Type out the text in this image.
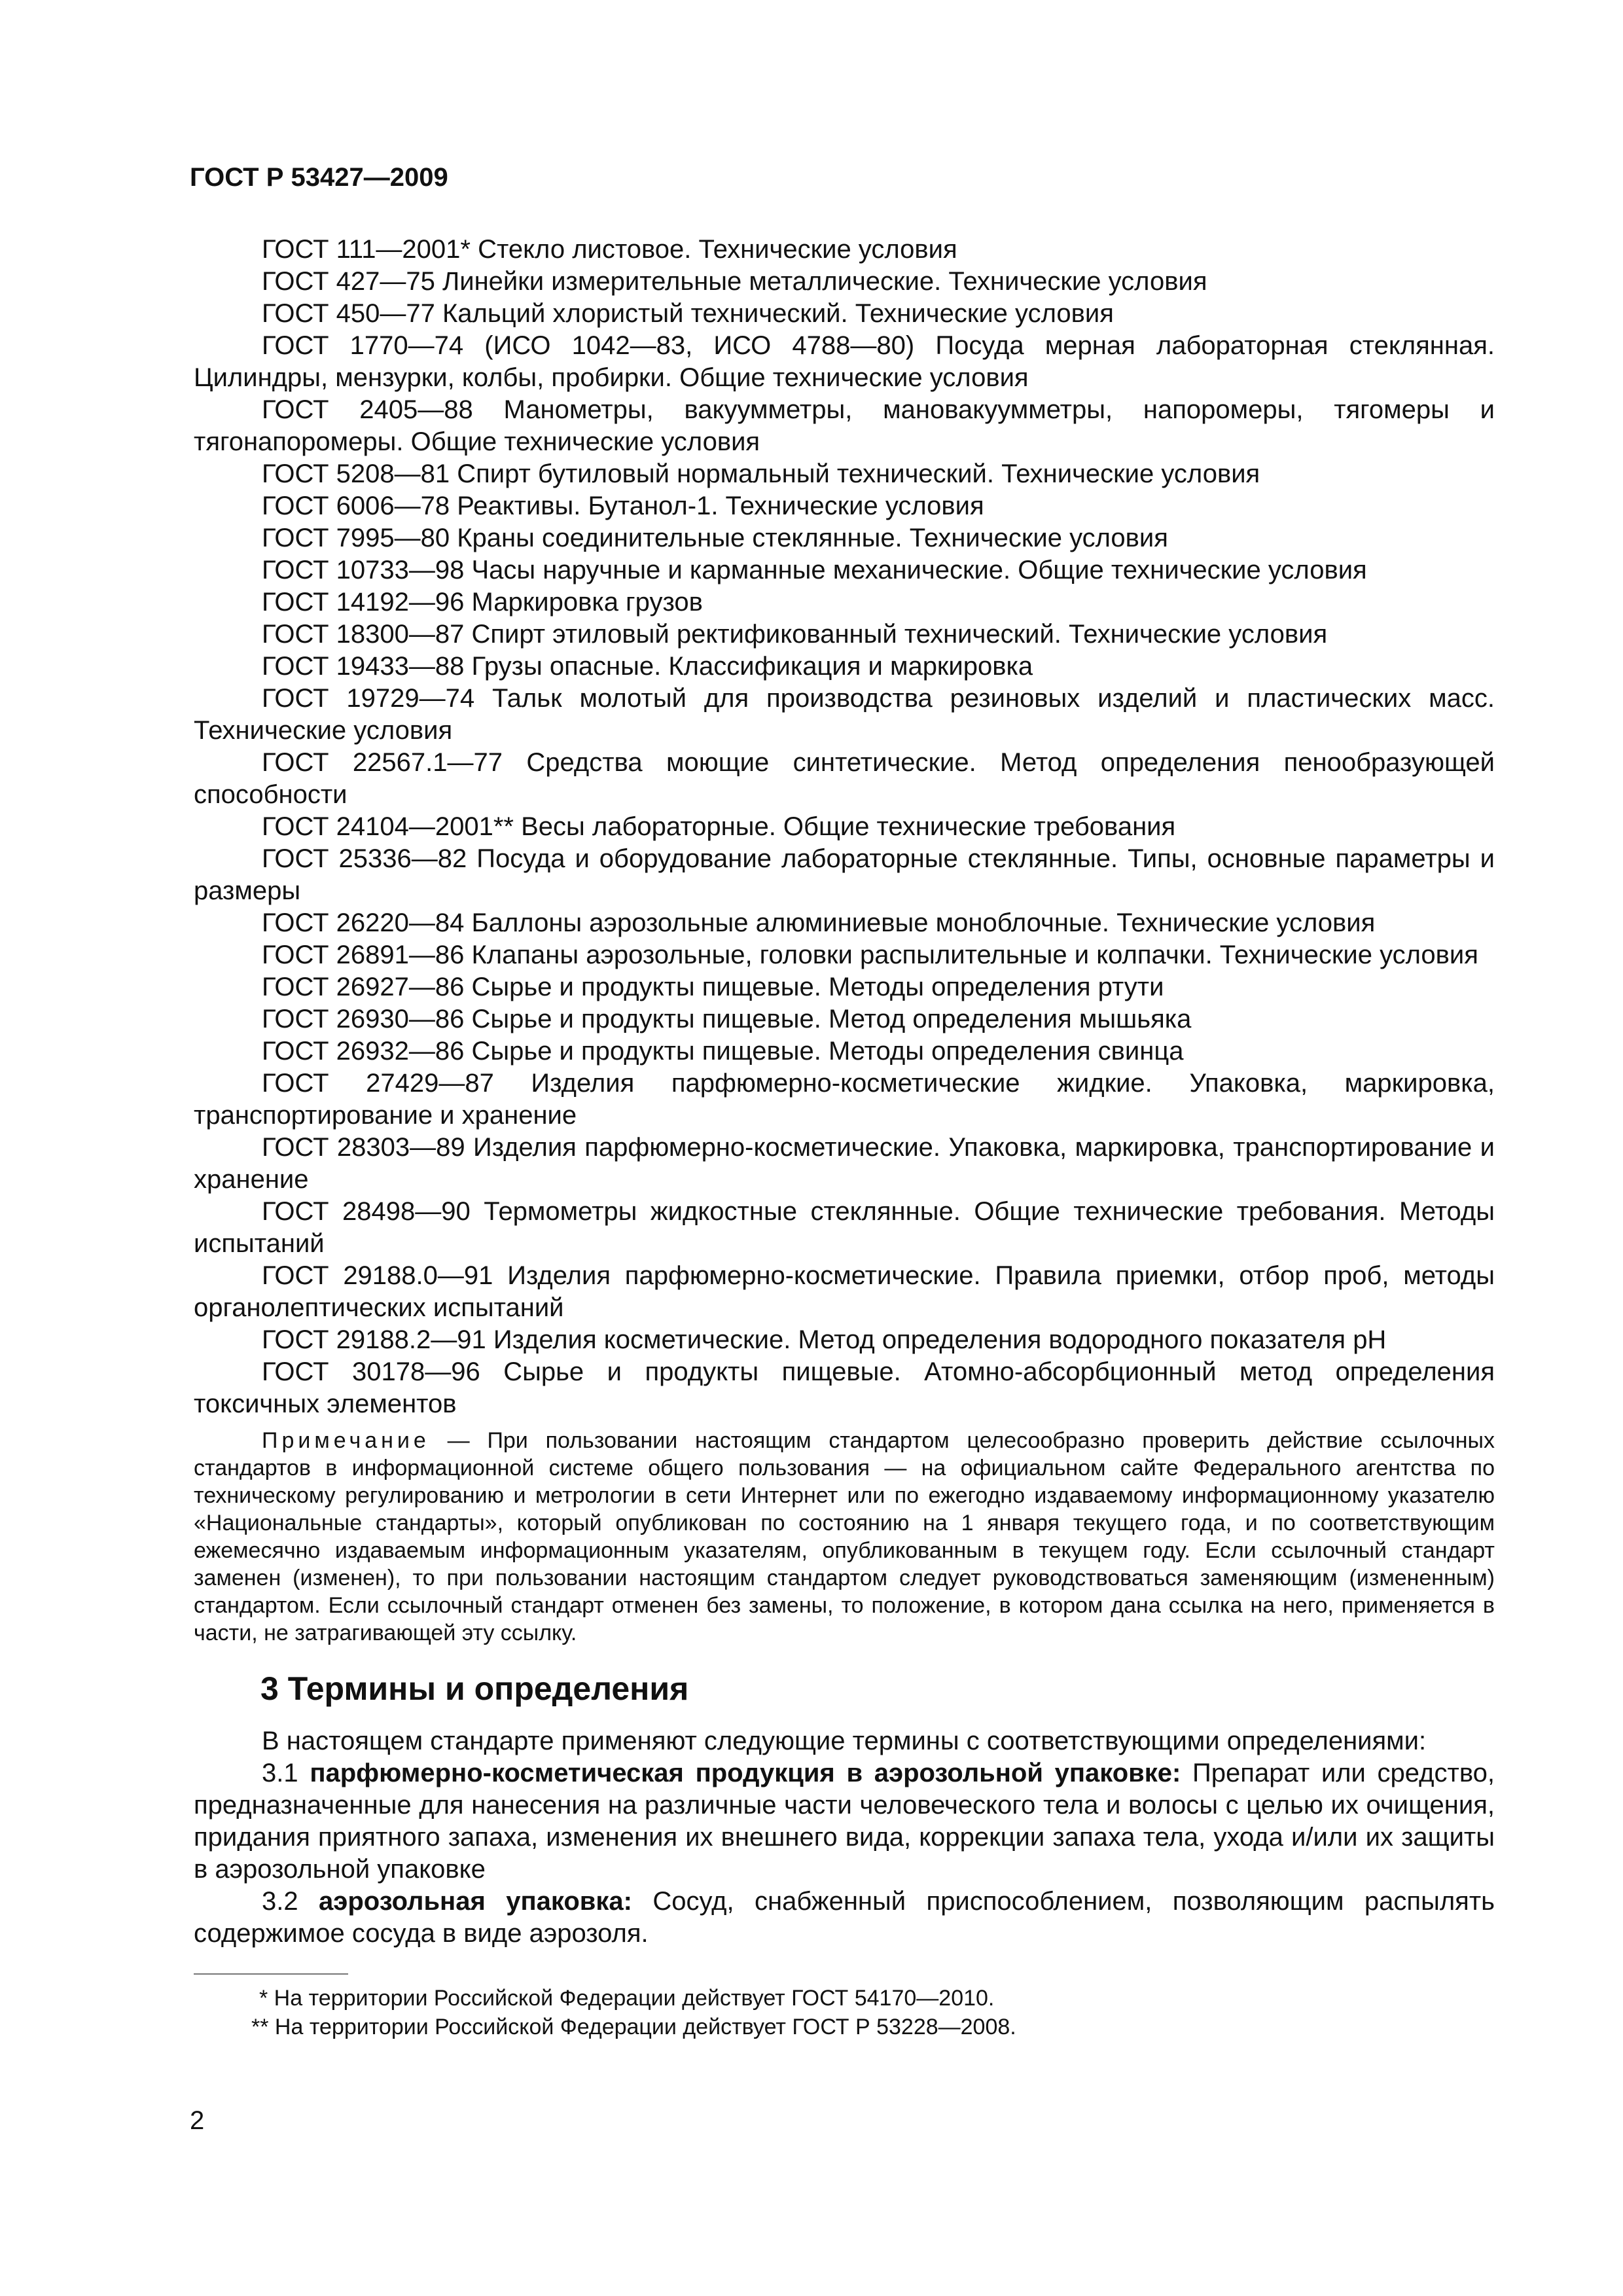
ГОСТ Р 53427—2009

ГОСТ 111—2001* Стекло листовое. Технические условия

ГОСТ 427—75 Линейки измерительные металлические. Технические условия

ГОСТ 450—77 Кальций хлористый технический. Технические условия

ГОСТ 1770—74 (ИСО 1042—83, ИСО 4788—80) Посуда мерная лабораторная стеклянная. Цилиндры, мензурки, колбы, пробирки. Общие технические условия

ГОСТ 2405—88 Манометры, вакуумметры, мановакуумметры, напоромеры, тягомеры и тягонапоромеры. Общие технические условия

ГОСТ 5208—81 Спирт бутиловый нормальный технический. Технические условия

ГОСТ 6006—78 Реактивы. Бутанол-1. Технические условия

ГОСТ 7995—80 Краны соединительные стеклянные. Технические условия

ГОСТ 10733—98 Часы наручные и карманные механические. Общие технические условия

ГОСТ 14192—96 Маркировка грузов

ГОСТ 18300—87 Спирт этиловый ректификованный технический. Технические условия

ГОСТ 19433—88 Грузы опасные. Классификация и маркировка

ГОСТ 19729—74 Тальк молотый для производства резиновых изделий и пластических масс. Технические условия

ГОСТ 22567.1—77 Средства моющие синтетические. Метод определения пенообразующей способности

ГОСТ 24104—2001** Весы лабораторные. Общие технические требования

ГОСТ 25336—82 Посуда и оборудование лабораторные стеклянные. Типы, основные параметры и размеры

ГОСТ 26220—84 Баллоны аэрозольные алюминиевые моноблочные. Технические условия

ГОСТ 26891—86 Клапаны аэрозольные, головки распылительные и колпачки. Технические условия

ГОСТ 26927—86 Сырье и продукты пищевые. Методы определения ртути

ГОСТ 26930—86 Сырье и продукты пищевые. Метод определения мышьяка

ГОСТ 26932—86 Сырье и продукты пищевые. Методы определения свинца

ГОСТ 27429—87 Изделия парфюмерно-косметические жидкие. Упаковка, маркировка, транспортирование и хранение

ГОСТ 28303—89 Изделия парфюмерно-косметические. Упаковка, маркировка, транспортирование и хранение

ГОСТ 28498—90 Термометры жидкостные стеклянные. Общие технические требования. Методы испытаний

ГОСТ 29188.0—91 Изделия парфюмерно-косметические. Правила приемки, отбор проб, методы органолептических испытаний

ГОСТ 29188.2—91 Изделия косметические. Метод определения водородного показателя pH

ГОСТ 30178—96 Сырье и продукты пищевые. Атомно-абсорбционный метод определения токсичных элементов

Примечание — При пользовании настоящим стандартом целесообразно проверить действие ссылочных стандартов в информационной системе общего пользования — на официальном сайте Федерального агентства по техническому регулированию и метрологии в сети Интернет или по ежегодно издаваемому информационному указателю «Национальные стандарты», который опубликован по состоянию на 1 января текущего года, и по соответствующим ежемесячно издаваемым информационным указателям, опубликованным в текущем году. Если ссылочный стандарт заменен (изменен), то при пользовании настоящим стандартом следует руководствоваться заменяющим (измененным) стандартом. Если ссылочный стандарт отменен без замены, то положение, в котором дана ссылка на него, применяется в части, не затрагивающей эту ссылку.

3 Термины и определения

В настоящем стандарте применяют следующие термины с соответствующими определениями:

3.1 парфюмерно-косметическая продукция в аэрозольной упаковке: Препарат или средство, предназначенные для нанесения на различные части человеческого тела и волосы с целью их очищения, придания приятного запаха, изменения их внешнего вида, коррекции запаха тела, ухода и/или их защиты в аэрозольной упаковке

3.2 аэрозольная упаковка: Сосуд, снабженный приспособлением, позволяющим распылять содержимое сосуда в виде аэрозоля.

* На территории Российской Федерации действует ГОСТ 54170—2010.

** На территории Российской Федерации действует ГОСТ Р 53228—2008.

2
